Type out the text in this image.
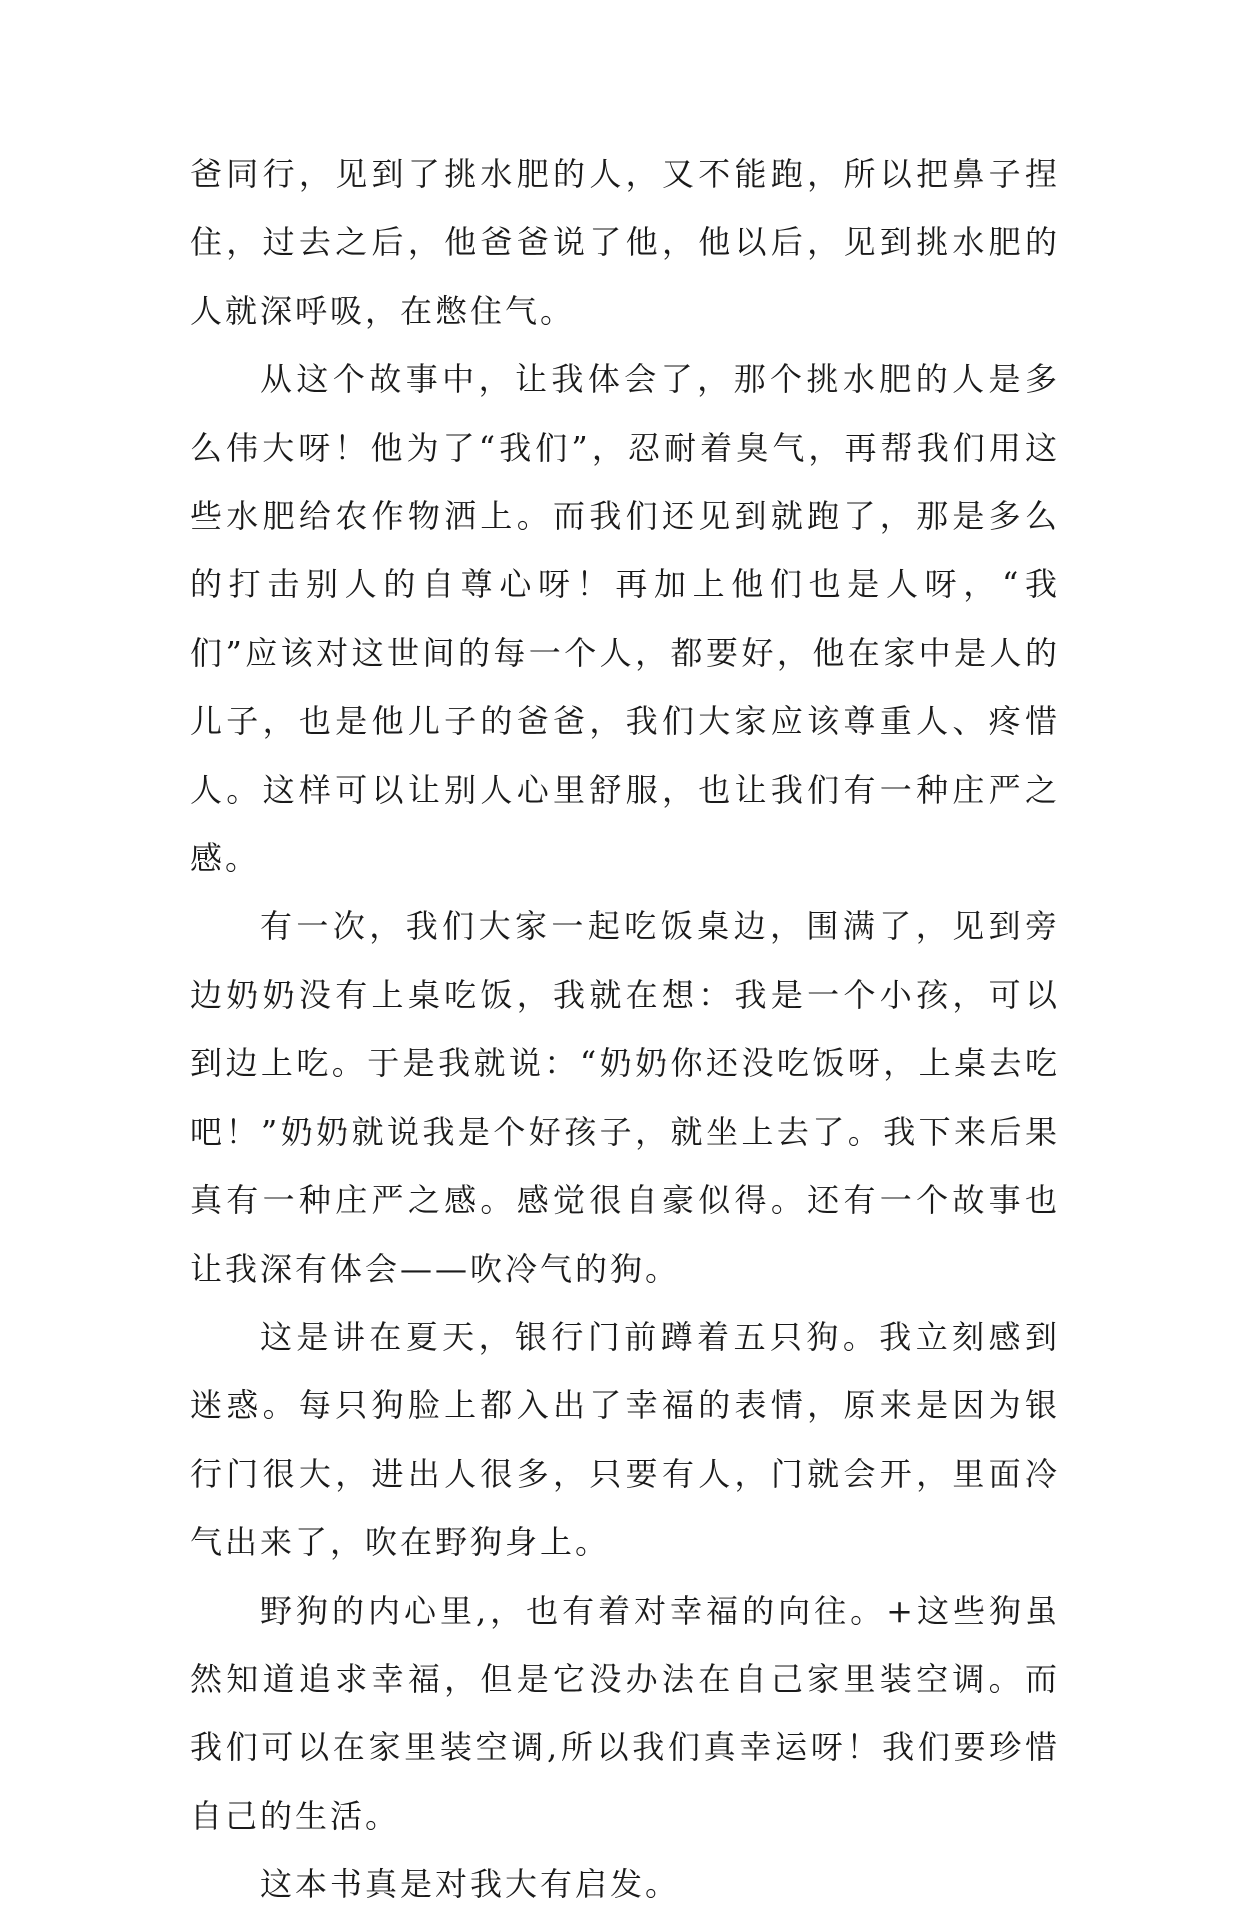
爸同行，见到了挑水肥的人，又不能跑，所以把鼻子捏住，过去之后，他爸爸说了他，他以后，见到挑水肥的人就深呼吸，在憋住气。

从这个故事中，让我体会了，那个挑水肥的人是多么伟大呀！他为了“我们”，忍耐着臭气，再帮我们用这些水肥给农作物洒上。而我们还见到就跑了，那是多么的打击别人的自尊心呀！再加上他们也是人呀，“我们”应该对这世间的每一个人，都要好，他在家中是人的儿子，也是他儿子的爸爸，我们大家应该尊重人、疼惜人。这样可以让别人心里舒服，也让我们有一种庄严之感。

有一次，我们大家一起吃饭桌边，围满了，见到旁边奶奶没有上桌吃饭，我就在想：我是一个小孩，可以到边上吃。于是我就说：“奶奶你还没吃饭呀，上桌去吃吧！”奶奶就说我是个好孩子，就坐上去了。我下来后果真有一种庄严之感。感觉很自豪似得。还有一个故事也让我深有体会——吹冷气的狗。

这是讲在夏天，银行门前蹲着五只狗。我立刻感到迷惑。每只狗脸上都入出了幸福的表情，原来是因为银行门很大，进出人很多，只要有人，门就会开，里面冷气出来了，吹在野狗身上。

野狗的内心里,，也有着对幸福的向往。+这些狗虽然知道追求幸福，但是它没办法在自己家里装空调。而我们可以在家里装空调,所以我们真幸运呀！我们要珍惜自己的生活。

这本书真是对我大有启发。
